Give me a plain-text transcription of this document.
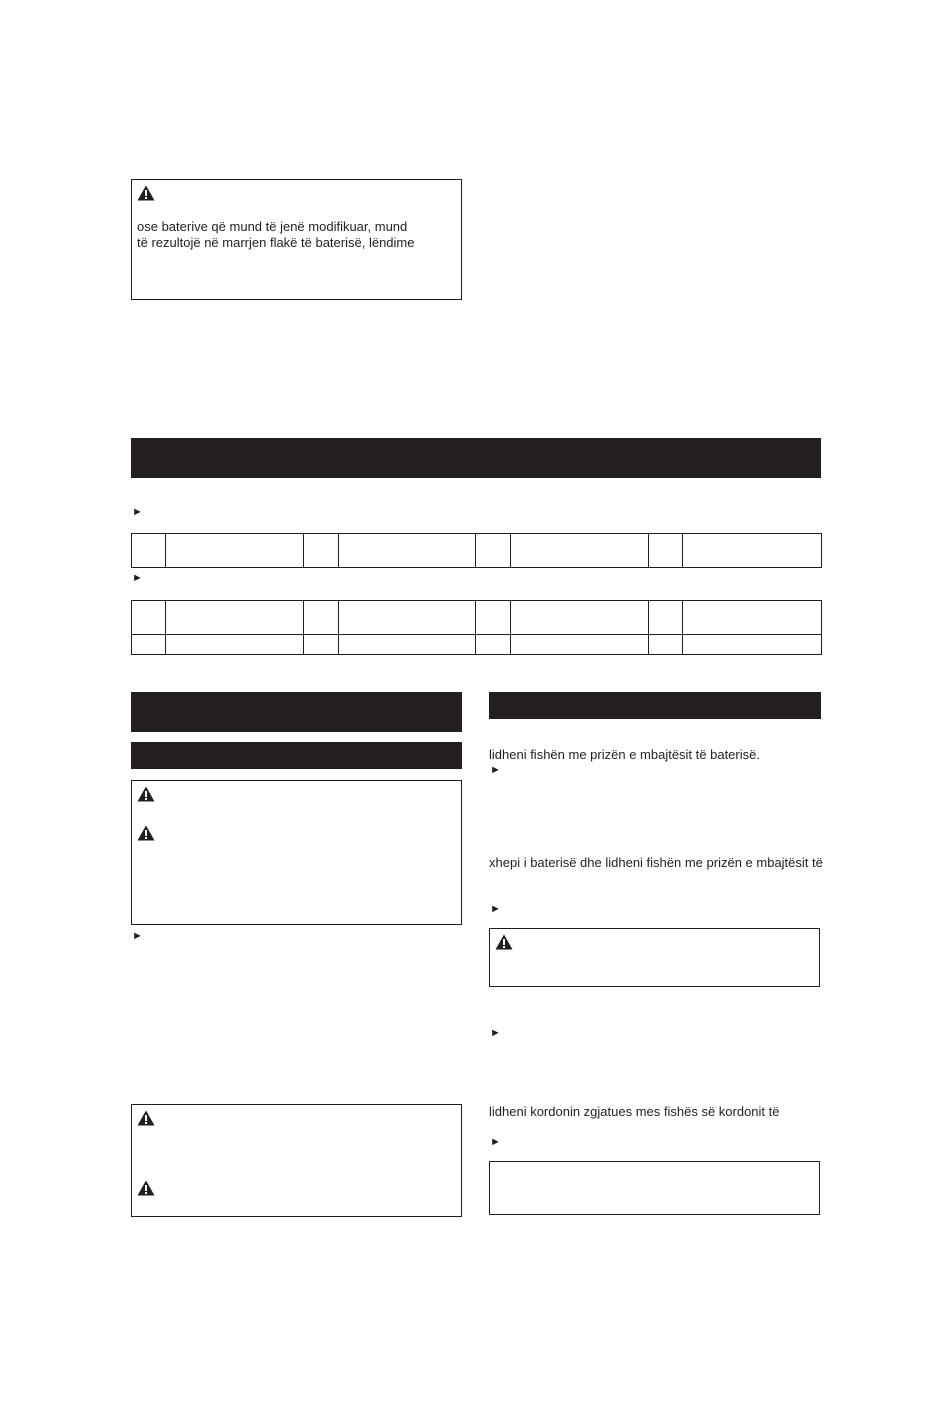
ose baterive që mund të jenë modifikuar, mund
të rezultojë në marrjen flakë të baterisë, lëndime
►

►

►
lidheni fishën me prizën e mbajtësit të baterisë.
►
xhepi i baterisë dhe lidheni fishën me prizën e mbajtësit të
►
►
lidheni kordonin zgjatues mes fishës së kordonit të
►
